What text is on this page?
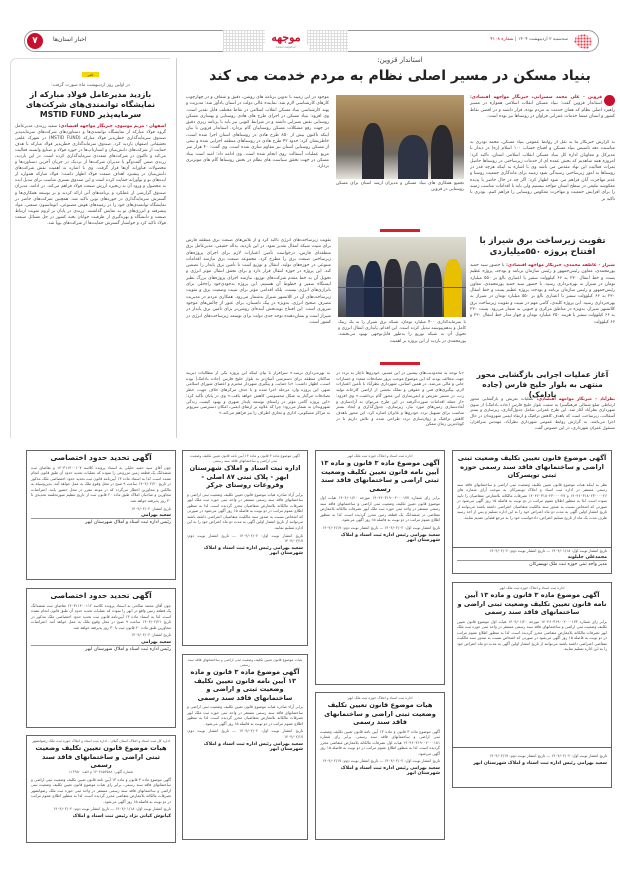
سه‌شنبه ۲ اردیبهشت ۱۴۰۴ | شماره ۴۱۰۸
موجهه
www.mowjehe.ir
اخبار استان‌ها
۷
خبر
در اولین روز اردیبهشت ماه صورت گرفت:
بازدید مدیرعامل فولاد مبارکه از نمایشگاه توانمندی‌های شرکت‌های سرمایه‌پذیر MSTID FUND
اصفهان - مریم موسوی، خبرنگار مواجهه اقتصادی: سعید زرندی، مدیرعامل گروه فولاد مبارکه از نمایشگاه توانمندی‌ها و دستاوردهای شرکت‌های سرمایه‌پذیر صندوق سرمایه‌گذاری خطرپذیر فولاد مبارکه (MSTID FUND) در شهرک علمی تحقیقاتی اصفهان بازدید کرد. صندوق سرمایه‌گذاری خطرپذیر فولاد مبارکه با هدف حمایت از شرکت‌های دانش‌بنیان و استارتاپ‌ها در حوزه فولاد و صنایع وابسته فعالیت می‌کند و تاکنون در شرکت‌های متعددی سرمایه‌گذاری کرده است. در این بازدید، زرندی ضمن گفت‌وگو با مدیران شرکت‌ها از نزدیک در جریان آخرین دستاوردها و محصولات فناورانه آن‌ها قرار گرفت. وی با اشاره به اهمیت نقش شرکت‌های دانش‌بنیان در پیشبرد اهداف صنعت فولاد اظهار داشت: فولاد مبارکه همواره از ایده‌های نو و نوآورانه حمایت کرده است و این صندوق بستری مناسب برای تبدیل ایده به محصول و ورود آن به زنجیره ارزش صنعت فولاد فراهم می‌کند. در ادامه، مدیران صندوق گزارشی از عملکرد و برنامه‌های آتی ارائه کردند و بر توسعه همکاری‌ها و گسترش سرمایه‌گذاری در حوزه‌های نوین تاکید شد. همچنین شرکت‌های حاضر در نمایشگاه توانمندی‌های خود را در زمینه‌های هوش مصنوعی، اتوماسیون صنعتی، مواد پیشرفته و انرژی‌های نو به نمایش گذاشتند. زرندی در پایان بر لزوم تقویت ارتباط صنعت و دانشگاه و بهره‌گیری از ظرفیت جوانان نخبه کشور در حل مسائل صنعت فولاد تاکید کرد و خواستار گسترش حمایت‌ها از شرکت‌های نوپا شد.
استاندار قزوین:
بنیاد مسکن در مسیر اصلی نظام به مردم خدمت می کند
قزوین - علی محمد سسرانی، خبرنگار مواجهه اقتصادی: استاندار قزوین گفت: بنیاد مسکن انقلاب اسلامی همواره در مسیر راهبرد اصلی نظام که همان خدمت به مردم بوده، قرار داشته و در اقصی نقاط کشور و استان منشا خدمات عمرانی فراوان در روستاها نیز بوده است.
به گزارش خبرنگار ما به نقل از روابط عمومی بنیاد مسکن، محمد نوذری به مناسبت دهه تاسیس بنیاد مسکن و افتتاح حساب ۱۰۰ اسلام (ره) در دیدار با مدیرکل و معاونان اداره کل بنیاد مسکن انقلاب اسلامی استان، تاکید کرد: امروزه همه شاهدیم که بخش عمده ای از خدمات زیرساختی در روستاها حاصل ثمرات فعالیت این نهاد مقدس می باشد وی با اشاره به اینکه هرچه قدر در روستاها به امور زیرساختی رسیدگی شود زمینه برای ماندگاری جمعیت روستا و عدم مهاجرت آنان فراهم می شود اظهار کرد: اگر چه در حال حاضر با پدیده معکوسه تبلیغی در سطح استان مواجه نیستیم ولی باید با اقدامات مناسب زمینه را برای افزایش جمعیت و مهاجرت معکوس روستایی را فراهم کنیم. نوذری با تاکید بر
تجمیع همکاری های بنیاد مسکن و مدیران ارشد استان برای مسکن روستایی در قزوین
موجود در این زمینه با تدوین برنامه های روشن، دقیق و شفاف و در چهارچوب کارهای کارشناسی لازم شد. نماینده عالی دولت در استان یادآور شد: مدیریت و پهنه کارشناسی بنیاد مسکن انقلاب اسلامی در نقاط مختلف قابل تقدیر است. وی افزود: بنیاد مسکن در اجرای طرح های هادی روستایی و بهسازی مسکن روستایی نقش بسزایی داشته و در شرایط کنونی نیز باید با برنامه ریزی دقیق در جهت رفع مشکلات مسکن روستاییان گام بردارد. استاندار قزوین با بیان اینکه تاکنون بیش از ۸۵۰ طرح هادی در روستاهای استان اجرا شده است، خاطرنشان کرد: حدود ۴۲ طرح هادی در روستاهای منطقه اجرایی شده و نیمی از مسکن روستایی استان نیز مقاوم سازی شده است. وی گفت: ۴۰ هزار متر مربع عملیات آسفالت روی انجام شده است. وی ادامه داد: امید است بنیاد مسکن در جهت تحقق سیاست های نظام در بخش روستاها گام های موثرتری بردارد.
تقویت زیرساخت برق شیراز با افتتاح پروژه ۵۵۰میلیاردی
شیراز - عاطفه محمدی، خبرنگار مواجهه اقتصادی: با حضور سید حمید پورمحمدی، معاون رئیس‌جمهور و رئیس سازمان برنامه و بودجه، پروژه عظیم پست و خط انتقال ۲۳۰ به ۶۶ کیلوولت سفیر با اعتباری بالغ بر ۵۵۰ میلیارد تومان در شیراز به بهره‌برداری رسید. با حضور سید حمید پورمحمدی، معاون رئیس‌جمهور و رئیس سازمان برنامه و بودجه، پروژه عظیم پست و خط انتقال ۲۳۰ به ۶۶ کیلوولت سفیر با اعتباری بالغ بر ۵۵۰ میلیارد تومان در شیراز به بهره‌برداری رسید. این پروژه کلیدی، گامی مهم در تثبیت و تقویت زیرساخت برق کلانشهر شیراز، به‌ویژه در مناطق مرکزی و جنوبی به شمار می‌رود. پست ۲۳۰ به ۶۶ کیلوولت سفیر با هزینه ۲۵۰ میلیارد تومان و چهار مدار خط انتقال ۲۳۰ و ۶۶ کیلوولت
با سرمایه‌گذاری ۴۰۰ میلیارد تومان، شبکه برق شیراز را به یک رینگ کامل و به‌هم‌پیوسته تبدیل کرده است. این اقدام، پایداری انتقال انرژی و تحویل آن به شبکه توزیع را به‌طور قابل‌توجهی بهبود می‌بخشد. پورمحمدی در بازدید از این پروژه بر اهمیت
تقویت زیرساخت‌های انرژی تاکید کرد و از تلاش‌های صنعت برق منطقه فارس برای تثبیت شبکه انتقال تقدیر نمود. در این بازدید، یداله حقیقی، مدیرعامل برق منطقه‌ای فارس، درخواست تأمین اعتبارات لازم برای اجرای پروژه‌های زیرساختی صنعت برق را مطرح کرد. مجموعه صنعت برق نیازمند اقدامات متنوعی در حوزه‌های تولید، انتقال و توزیع است تا تأمین برق پایدار را تضمین کند. این پروژه در حوزه انتقال قرار دارد و برای تحقق انتقال موثر انرژی و تحویل آن به خط مقدم شرکت‌های توزیع، نیازمند اجرای پروژه‌های بزرگ نظیر ایستگاه سفیر و خطوط آن هستیم. این پروژه به‌خودی‌خود راه‌حلی برای ناترازی‌های انرژی نیست، بلکه اقدامی مؤثر برای تثبیت وضعیت برق و تقویت زیرساخت‌های آن در کلانشهر شیراز به‌شمار می‌رود. همکاری مردم در مدیریت مصرف صحیح انرژی، به‌ویژه در پیک تابستان، برای عبور از چالش‌های موجود ضروری است. این افتتاح نویدبخش آینده‌ای روشن‌تر برای تأمین برق پایدار در شیراز است و نشان‌دهنده توجه جدی دولت برای توسعه زیرساخت‌های انرژی در کشور است.
آغاز عملیات اجرایی بازگشایی محور منتهی به بلوار خلیج فارس (جاده بادامک)
نظرآباد - خبرنگار مواجهه اقتصادی: عملیات تعریض و بازگشایی محور ارتباطی ضلع شمالی فرهنگسرا به سمت بلوار خلیج فارس (جاده بادامک) از سوی شهرداری نظرآباد آغاز شد. این طرح عمرانی شامل جدول‌گذاری، زیرسازی و بستر آسفالت، زیرساخت است که باهدف کاهش ترافیک و ارتقاء ایمنی شهروندان در حال اجرا می‌باشد. به گزارش روابط عمومی شهرداری نظرآباد، مهندس سرافراز، مسئول عمران شهرداری، در این خصوص گفت
«با توجه به محدودیت‌های پیشین در این مسیر، خودروها ناچار به تردد در جهت مخالف بودند که این موضوع موجب بروز تصادفات متعدد و خسارات جانی و مالی می‌شد. در همین اساس، شهرداری نظرآباد با تأمین اعتبارات لازم، پیگیری‌های فنی و حقوقی و تملک بخشی از اراضی کارخانه تولید رب، در مسیر تعریض و ایمن‌سازی این محور گام برداشت.» وی افزود: «از جمله اقدامات صورت‌گرفته در این طرح می‌توان به آزادسازی و آماده‌سازی زمین‌های مورد نیاز، زیرسازی، جدول‌گذاری و ایجاد بستر مناسب برای تسهیل تردد خودروها و عابران اشاره کرد. این محور باهدف کاهش ترافیک و روان‌سازی تردد طراحی شده و تلاش داریم تا در کوتاه‌ترین زمان ممکن
به بهره‌برداری برسد.» سرافراز با بیان اینکه این پروژه یکی از مطالبات دیرینه ساکنان منطقه برای دسترسی آسان‌تر به بلوار خلیج فارس (جاده بادامک) بوده است، اظهار داشت: «با حمایت و پیگیری شهردار محترم و اعضای شورای اسلامی شهر، این پروژه وارد مرحله اجرا شده و با حذف مرکزهای خلاف جهت، خطر تصادفات مرگبار به شکل محسوسی کاهش خواهد یافت.» وی در پایان تأکید کرد: «این پروژه گامی مؤثر در راستای توسعه پایدار شهری و بهبود کیفیت زندگی شهروندان به شمار می‌رود؛ چرا که علاوه بر ارتقای ایمنی، امکان دسترسی سریع‌تر به مراکز مسکونی، اداری و تجاری اطراف را نیز فراهم می‌کند.»
آگهی موضوع قانون تعیین تکلیف وضعیت ثبتی اراضی و ساختمانهای فاقد سند رسمی حوزه ثبتی تویسرکان
نظر به اینکه هیات موضوع قانون تعیین تکلیف وضعیت ثبتی اراضی و ساختمانهای فاقد سند رسمی مستقر در اداره ثبت اسناد و املاک تویسرکان به موجب آرای شماره های ۱۴۰۴۶۰۳۱۸۰۲۳۰۰۰۰۲۶ و ۱۴۰۴۶۰۳۱۸۰۲۳۰۰۰۰۲۷ تصرفات مالکانه بلامعارض متقاضیان را تایید نموده است. لذا به منظور اطلاع عموم مراتب در دو نوبت به فاصله ۱۵ روز آگهی می‌شود در صورتی که اشخاص نسبت به صدور سند مالکیت متقاضیان اعتراضی داشته باشند می‌توانند از تاریخ انتشار اولین آگهی به مدت دو ماه اعتراض خود را به این اداره تسلیم و پس از اخذ رسید ظرف مدت یک ماه از تاریخ تسلیم اعتراض، دادخواست خود را به مرجع قضایی تقدیم نمایند.
تاریخ انتشار نوبت اول: ۱۴۰۴/۰۱/۱۸ — تاریخ انتشار نوبت دوم: ۱۴۰۴/۰۲/۰۲
محمدعلی جلیلوند
مدیر واحد ثبتی حوزه ثبت ملک تویسرکان
اداره ثبت اسناد و املاک حوزه ثبت ملک ابهر
آگهی موضوع ماده ۳ قانون و ماده ۱۳ آیین نامه قانون تعیین تکلیف وضعیت ثبتی اراضی و ساختمانهای فاقد سند رسمی
برابر رای شماره ۱۴۰۴۶۰۳۱۹۰۰۲۰۰۰۱۷۳ مورخه ۱۴۰۴/۰۱/۲۰ هیات اول موضوع قانون تعیین تکلیف وضعیت ثبتی اراضی و ساختمانهای فاقد سند رسمی مستقر در واحد ثبتی حوزه ثبت ملک ابهر تصرفات مالکانه بلامعارض متقاضی محرز گردیده است. لذا به منظور اطلاع عموم مراتب در دو نوبت به فاصله ۱۵ روز آگهی می‌شود در صورتی که اشخاص نسبت به صدور سند مالکیت متقاضی اعتراضی داشته باشند می‌توانند از تاریخ انتشار اولین آگهی به مدت دو ماه اعتراض خود را به این اداره تسلیم نمایند.
تاریخ انتشار نوبت اول: ۱۴۰۴/۰۲/۰۲ — تاریخ انتشار نوبت دوم: ۱۴۰۴/۰۲/۱۷
سعید بهرامی رئیس اداره ثبت اسناد و املاک شهرستان ابهر
اداره ثبت اسناد و املاک حوزه ثبت ملک ابهر
آگهی موضوع ماده ۳ قانون و ماده ۱۳ آیین نامه قانون تعیین تکلیف وضعیت ثبتی اراضی و ساختمانهای فاقد سند رسمی
برابر رای شماره ۱۴۰۴۶۰۳۱۹۰۰۲۰۰۰۱۷۷ مورخه ۱۴۰۴/۰۱/۲۰ هیات اول موضوع قانون تعیین تکلیف وضعیت ثبتی اراضی و ساختمانهای فاقد سند رسمی مستقر در واحد ثبتی حوزه ثبت ملک ابهر تصرفات مالکانه بلامعارض متقاضی در ششدانگ یک قطعه زمین محرز گردیده است. لذا به منظور اطلاع عموم مراتب در دو نوبت به فاصله ۱۵ روز آگهی می‌شود.
تاریخ انتشار نوبت اول: ۱۴۰۴/۰۲/۰۲ — تاریخ انتشار نوبت دوم: ۱۴۰۴/۰۲/۱۷
سعید بهرامی رئیس اداره ثبت اسناد و املاک شهرستان ابهر
اداره ثبت اسناد و املاک حوزه ثبت ملک ابهر
هیات موضوع قانون تعیین تکلیف وضعیت ثبتی اراضی و ساختمانهای فاقد سند رسمی
آگهی موضوع ماده ۳ قانون و ماده ۱۳ آیین نامه قانون تعیین تکلیف وضعیت ثبتی اراضی و ساختمانهای فاقد سند رسمی. برابر رای شماره ۱۴۰۴۶۰۳۱۹۰۰۲۰۰۰۱۸۱ هیات اول تصرفات مالکانه بلامعارض متقاضی محرز گردیده است. لذا به منظور اطلاع عموم مراتب در دو نوبت به فاصله ۱۵ روز آگهی می‌شود.
تاریخ انتشار نوبت اول: ۱۴۰۴/۰۲/۰۲ — تاریخ انتشار نوبت دوم: ۱۴۰۴/۰۲/۱۷
سعید بهرامی رئیس اداره ثبت اسناد و املاک شهرستان ابهر
آگهی موضوع ماده ۳ قانون و ماده ۱۳ آیین نامه قانون تعیین تکلیف وضعیت ثبتی اراضی و ساختمانهای فاقد سند رسمی
اداره ثبت اسناد و املاک شهرستان ابهر - پلاک ثبتی ۸۷ اصلی - وفروعات روستای جرکر
برابر آراء صادره هیات موضوع قانون تعیین تکلیف وضعیت ثبتی اراضی و ساختمانهای فاقد سند رسمی مستقر در واحد ثبتی حوزه ثبت ملک ابهر تصرفات مالکانه بلامعارض متقاضیان محرز گردیده است. لذا به منظور اطلاع عموم مراتب در دو نوبت به فاصله ۱۵ روز آگهی می‌شود در صورتی که اشخاص نسبت به صدور سند مالکیت متقاضیان اعتراضی داشته باشند می‌توانند از تاریخ انتشار اولین آگهی به مدت دو ماه اعتراض خود را به این اداره تسلیم نمایند.
تاریخ انتشار نوبت اول: ۱۴۰۴/۰۲/۰۲ — تاریخ انتشار نوبت دوم: ۱۴۰۴/۰۲/۱۷
سعید بهرامی رئیس اداره ثبت اسناد و املاک شهرستان ابهر
هیات موضوع قانون تعیین تکلیف وضعیت ثبتی اراضی و ساختمانهای فاقد سند رسمی
آگهی موضوع ماده ۳ قانون و ماده ۱۳ آیین نامه قانون تعیین تکلیف وضعیت ثبتی و اراضی و ساختمانهای فاقد سند رسمی
برابر آراء صادره هیات موضوع قانون تعیین تکلیف وضعیت ثبتی اراضی و ساختمانهای فاقد سند رسمی مستقر در واحد ثبتی حوزه ثبت ملک ابهر تصرفات مالکانه بلامعارض متقاضیان محرز گردیده است. لذا به منظور اطلاع عموم مراتب در دو نوبت به فاصله ۱۵ روز آگهی می‌شود.
تاریخ انتشار نوبت اول: ۱۴۰۴/۰۲/۰۲ — تاریخ انتشار نوبت دوم: ۱۴۰۴/۰۲/۱۷
سعید بهرامی رئیس اداره ثبت اسناد و املاک شهرستان ابهر
آگهی تحدید حدود اختصاصی
چون آقای سید حمید خلیلی به استناد پرونده کلاسه ۱۴۰۳۱۱۴۰۰۱۰۷ و تقاضای ثبت ششدانگ یک قطعه زمین مزروعی را نموده که عملیات تحدید حدود آن طبق قانون انجام نشده است. لذا به استناد ماده ۱۳ آیین‌نامه قانون ثبت تحدید حدود اختصاصی ملک مذکور در تاریخ ۱۴۰۴/۰۲/۲۰ ساعت ۹ صبح در محل وقوع ملک به عمل خواهد آمد. بدین‌وسیله به مالکین و مجاورین اخطار می‌گردد که در موعد مقرر در محل حضور یابند. اعتراضات مجاورین و صاحبان املاک طبق ماده ۲۰ قانون ثبت از تاریخ تنظیم صورتجلسه تحدیدی تا ۳۰ روز پذیرفته خواهد شد.
تاریخ انتشار: ۱۴۰۴/۰۲/۰۲
سعید بهرامی
رئیس اداره ثبت اسناد و املاک شهرستان ابهر
آگهی تحدید حدود اختصاصی
چون آقای محمد صالحی به استناد پرونده کلاسه ۱۴۰۳۱۱۴۰۰۱۱۲ تقاضای ثبت ششدانگ یک قطعه زمین واقع در ابهر را نموده که عملیات تحدید حدود آن طبق قانون انجام نشده است. لذا به استناد ماده ۱۳ آیین‌نامه قانون ثبت تحدید حدود اختصاصی ملک مذکور در تاریخ ۱۴۰۴/۰۲/۲۱ ساعت ۹ صبح در محل وقوع ملک به عمل خواهد آمد. اعتراضات مجاورین طبق ماده ۲۰ قانون ثبت تا ۳۰ روز پذیرفته خواهد شد.
تاریخ انتشار: ۱۴۰۴/۰۲/۰۲
سعید بهرامی
رئیس اداره ثبت اسناد و املاک شهرستان ابهر
اداره کل ثبت اسناد و املاک استان گیلان - اداره ثبت اسناد و املاک حوزه ثبت ملک رضوانشهر
هیات موضوع قانون تعیین تکلیف وضعیت ثبتی اراضی و ساختمانهای فاقد سند رسمی
شماره آگهی: ۱۴۰۴۸۵۳۵۸۸ م الف: ۱۱۴۹۵۰
آگهی موضوع ماده ۳ قانون و ماده ۱۳ آیین نامه قانون تعیین تکلیف وضعیت ثبتی اراضی و ساختمانهای فاقد سند رسمی. برابر رای هیات موضوع قانون تعیین تکلیف وضعیت ثبتی اراضی و ساختمانهای فاقد سند رسمی مستقر در واحد ثبتی حوزه ثبت ملک رضوانشهر تصرفات مالکانه بلامعارض متقاضی محرز گردیده است. لذا به منظور اطلاع عموم مراتب در دو نوبت به فاصله ۱۵ روز آگهی می‌شود.
تاریخ انتشار نوبت اول: ۱۴۰۴/۰۱/۱۸ — تاریخ انتشار نوبت دوم: ۱۴۰۴/۰۲/۰۲
کیانوش کیانی نژاد رئیس ثبت اسناد و املاک
